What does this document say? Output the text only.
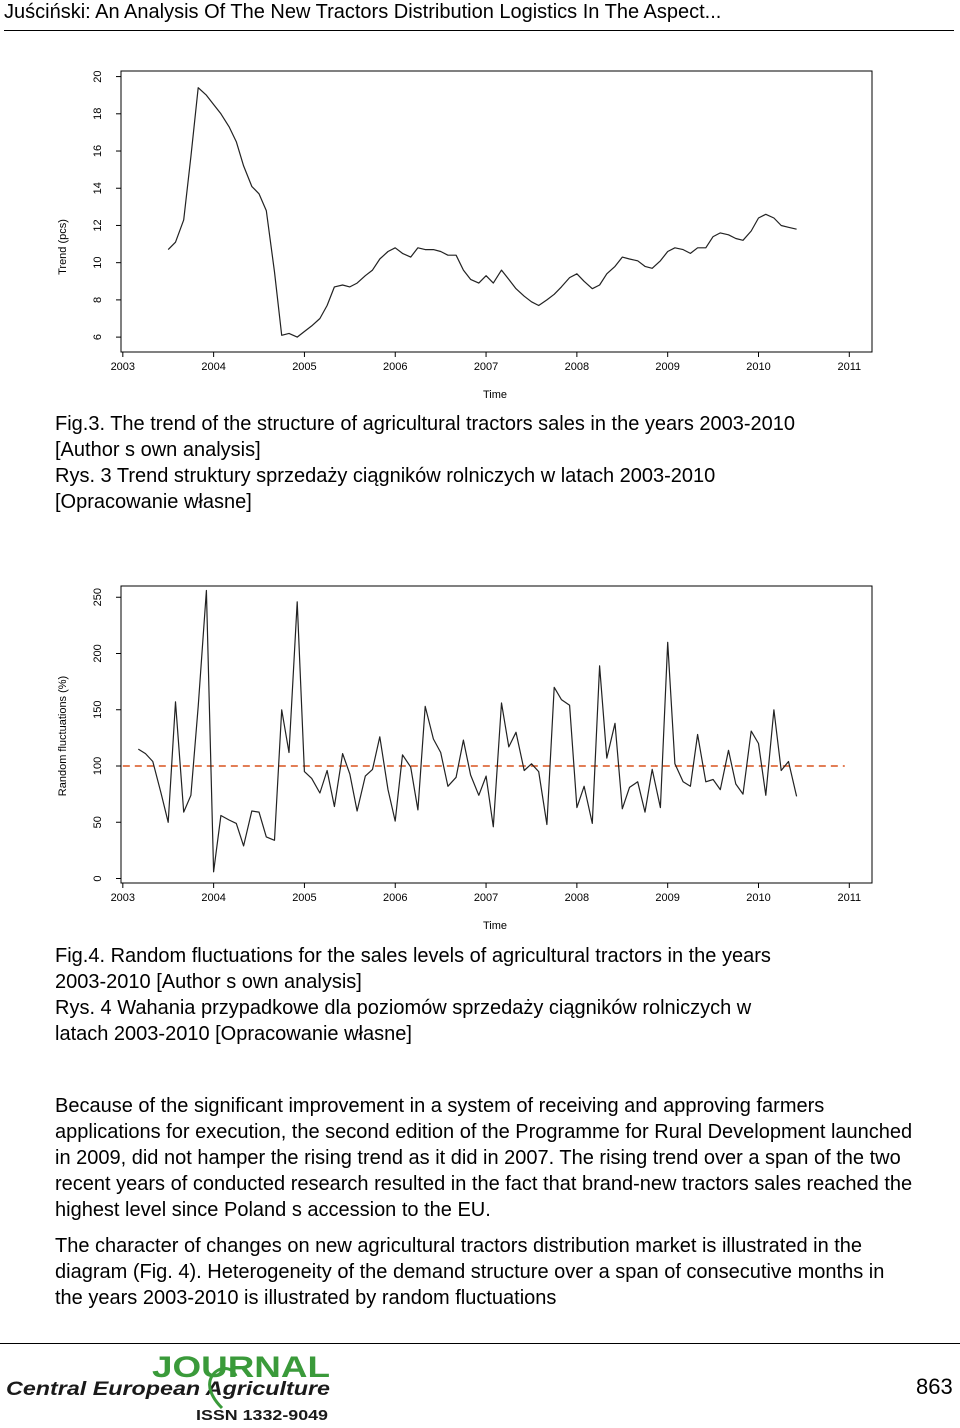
Juściński: An Analysis Of The New Tractors Distribution Logistics In The Aspect...
Trend (pcs)
Time
2003	2004	2005	2006	2007	2008	2009	2010	2011
6
8
10
12
14
16
18
20
Fig.3. The trend of the structure of agricultural tractors sales in the years 2003-2010
[Author s own analysis]
Rys. 3 Trend struktury sprzedaży ciągników rolniczych w latach 2003-2010
[Opracowanie własne]
Random fluctuations (%)
Time
2003	2004	2005	2006	2007	2008	2009	2010	2011
0
50
100
150
200
250
Fig.4. Random fluctuations for the sales levels of agricultural tractors in the years
2003-2010 [Author s own analysis]
Rys. 4 Wahania przypadkowe dla poziomów sprzedaży ciągników rolniczych w
latach 2003-2010 [Opracowanie własne]

Because of the significant improvement in a system of receiving and approving farmers applications for execution, the second edition of the Programme for Rural Development launched in 2009, did not hamper the rising trend as it did in 2007. The rising trend over a span of the two recent years of conducted research resulted in the fact that brand-new tractors sales reached the highest level since Poland s accession to the EU.

The character of changes on new agricultural tractors distribution market is illustrated in the diagram (Fig. 4). Heterogeneity of the demand structure over a span of consecutive months in the years 2003-2010 is illustrated by random fluctuations

JOURNAL
Central European Agriculture
ISSN 1332-9049
863
